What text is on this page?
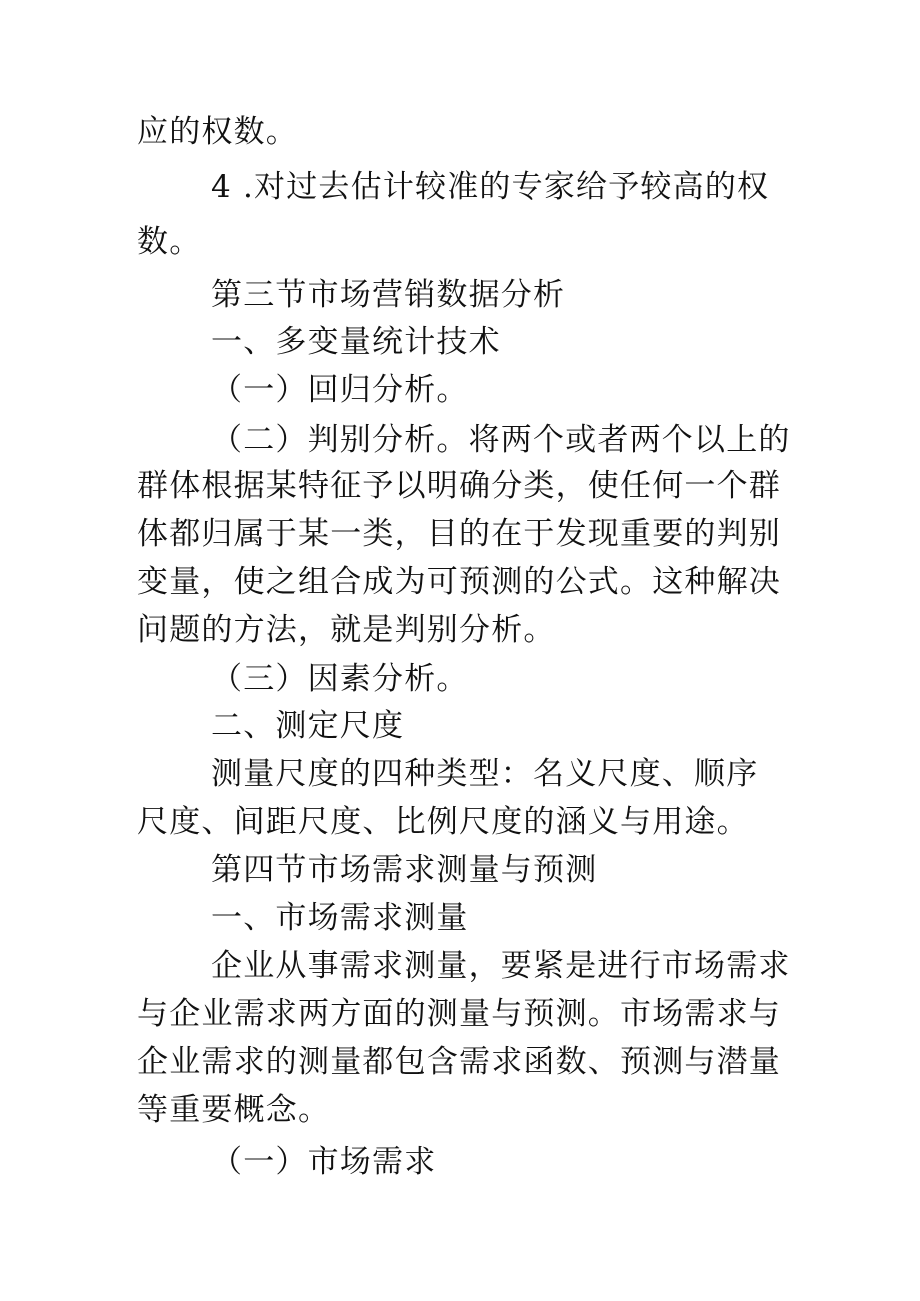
应的权数。
4 .对过去估计较准的专家给予较高的权
数。
第三节市场营销数据分析
一、多变量统计技术
（一）回归分析。
（二）判别分析。将两个或者两个以上的
群体根据某特征予以明确分类，使任何一个群
体都归属于某一类，目的在于发现重要的判别
变量，使之组合成为可预测的公式。这种解决
问题的方法，就是判别分析。
（三）因素分析。
二、测定尺度
测量尺度的四种类型：名义尺度、顺序
尺度、间距尺度、比例尺度的涵义与用途。
第四节市场需求测量与预测
一、市场需求测量
企业从事需求测量，要紧是进行市场需求
与企业需求两方面的测量与预测。市场需求与
企业需求的测量都包含需求函数、预测与潜量
等重要概念。
（一）市场需求
